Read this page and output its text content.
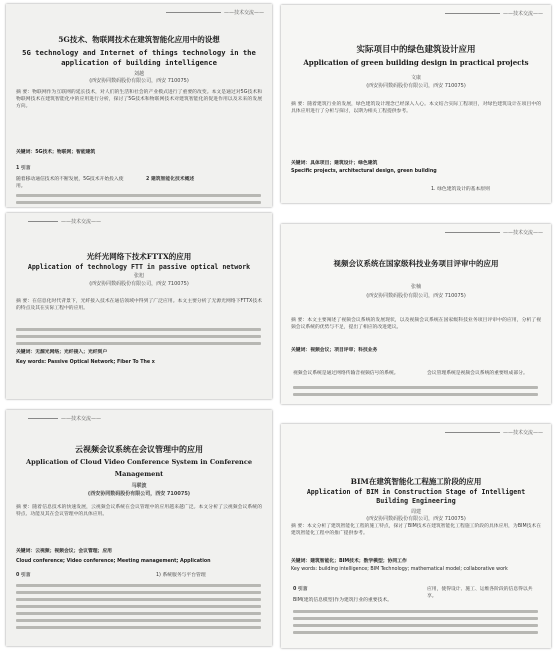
——技术交流——
5G技术、物联网技术在建筑智能化应用中的设想
5G technology and Internet of things technology in the
application of building intelligence
刘越
(西安协同数码股份有限公司，西安 710075)
摘 要：物联网作为互联网的延长技术，对人们的生活和社会的产业模式进行了重要的改变。本文是通过对5G技术和物联网技术在建筑智能化中的应用进行分析，探讨了5G技术和物联网技术对建筑智能化的促进作用以及未来的发展方向。
关键词：5G技术；物联网；智能建筑
1 引言
随着移动通信技术的不断发展，5G技术开始投入使用。
2 建筑智能化技术概述
——技术交流——
实际项目中的绿色建筑设计应用
Application of green building design in practical projects
文康
(西安协同数码股份有限公司，西安 710075)
摘 要：随着建筑行业的发展，绿色建筑设计理念已经深入人心。本文结合实际工程项目，对绿色建筑设计在项目中的具体应用进行了分析与探讨，以期为相关工程提供参考。
关键词：具体项目；建筑设计；绿色建筑
Specific projects, architectural design, green building
1. 绿色建筑设计的基本原则
——技术交流——
光纤光网络下技术FTTX的应用
Application of technology FTT in passive optical network
张旭
(西安协同数码股份有限公司，西安 710075)
摘 要：在信息化时代背景下，光纤接入技术在通信领域中得到了广泛应用。本文主要分析了无源光网络下FTTX技术的特点及其在实际工程中的应用。
关键词：无源光网络；光纤接入；光纤到户
Key words: Passive Optical Network; Fiber To The x
——技术交流——
视频会议系统在国家级科技业务项目评审中的应用
张楠
(西安协同数码股份有限公司，西安 710075)
摘 要：本文主要阐述了视频会议系统的发展现状，以及视频会议系统在国家级科技业务项目评审中的应用，分析了视频会议系统的优势与不足，提出了相应的改进建议。
关键词：视频会议；项目评审；科技业务
视频会议系统是通过网络传输音视频信号的系统。	会议管理系统是视频会议系统的重要组成部分。
——技术交流——
云视频会议系统在会议管理中的应用
Application of Cloud Video Conference System in Conference
Management
马联波
(西安协同数码股份有限公司，西安 710075)
摘 要：随着信息技术的快速发展，云视频会议系统在会议管理中的应用越来越广泛。本文分析了云视频会议系统的特点、功能及其在会议管理中的具体应用。
关键词：云视频；视频会议；会议管理；应用
Cloud conference; Video conference; Meeting management; Application
0 引言	1) 系统服务与平台管理
——技术交流——
BIM在建筑智能化工程施工阶段的应用
Application of BIM in Construction Stage of Intelligent
Building Engineering
周建
(西安协同数码股份有限公司，西安 710075)
摘 要：本文分析了建筑智能化工程的施工特点，探讨了BIM技术在建筑智能化工程施工阶段的具体应用，为BIM技术在建筑智能化工程中的推广提供参考。
关键词：建筑智能化；BIM技术；数学模型；协同工作
Key words: building intelligence; BIM Technology; mathematical model; collaborative work
0 引言
BIM(建筑信息模型)作为建筑行业的重要技术。
应用，使得设计、施工、运维各阶段的信息得以共享。
